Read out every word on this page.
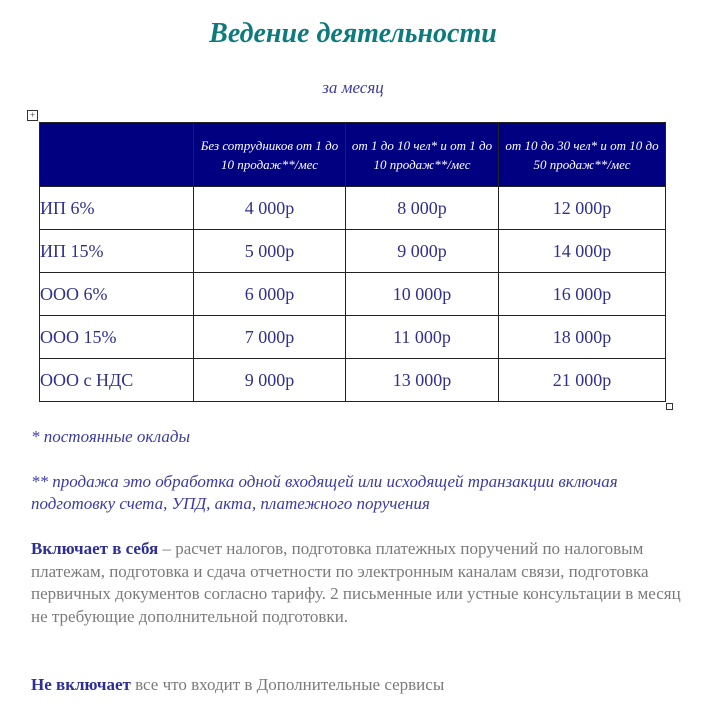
Ведение деятельности
за месяц
+
	Без сотрудников от 1 до 10 продаж**/мес	от 1 до 10 чел* и от 1 до 10 продаж**/мес	от 10 до 30 чел* и от 10 до 50 продаж**/мес
ИП 6%	4 000р	8 000р	12 000р
ИП 15%	5 000р	9 000р	14 000р
ООО 6%	6 000р	10 000р	16 000р
ООО 15%	7 000р	11 000р	18 000р
ООО с НДС	9 000р	13 000р	21 000р
* постоянные оклады
** продажа это обработка одной входящей или исходящей транзакции включая подготовку счета, УПД, акта, платежного поручения
Включает в себя – расчет налогов, подготовка платежных поручений по налоговым платежам, подготовка и сдача отчетности по электронным каналам связи, подготовка первичных документов согласно тарифу. 2 письменные или устные консультации в месяц не требующие дополнительной подготовки.
Не включает все что входит в Дополнительные сервисы
